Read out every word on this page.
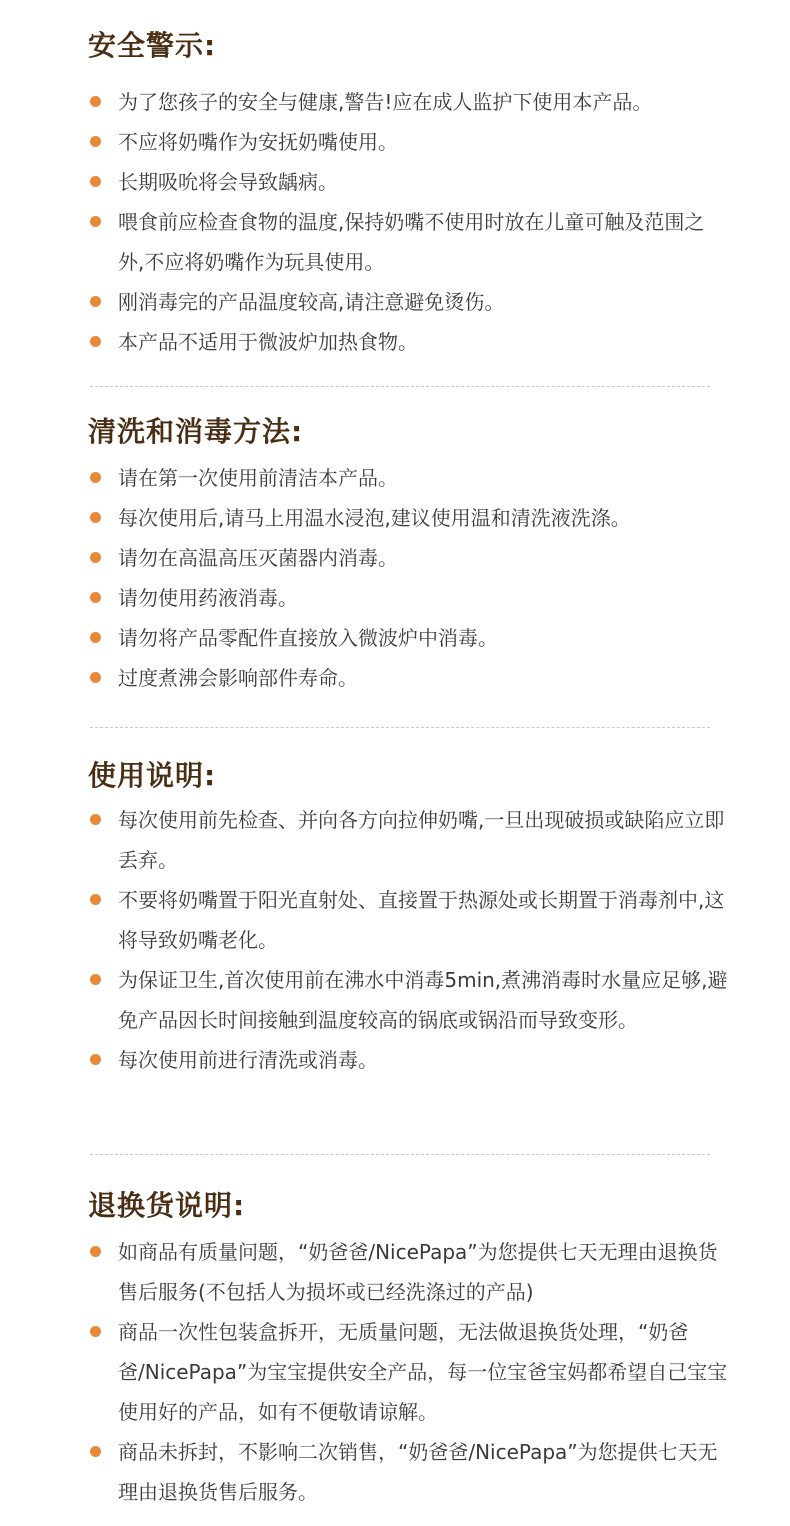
安全警示:
为了您孩子的安全与健康,警告!应在成人监护下使用本产品。
不应将奶嘴作为安抚奶嘴使用。
长期吸吮将会导致龋病。
喂食前应检查食物的温度,保持奶嘴不使用时放在儿童可触及范围之外,不应将奶嘴作为玩具使用。
刚消毒完的产品温度较高,请注意避免烫伤。
本产品不适用于微波炉加热食物。
清洗和消毒方法:
请在第一次使用前清洁本产品。
每次使用后,请马上用温水浸泡,建议使用温和清洗液洗涤。
请勿在高温高压灭菌器内消毒。
请勿使用药液消毒。
请勿将产品零配件直接放入微波炉中消毒。
过度煮沸会影响部件寿命。
使用说明:
每次使用前先检查、并向各方向拉伸奶嘴,一旦出现破损或缺陷应立即丢弃。
不要将奶嘴置于阳光直射处、直接置于热源处或长期置于消毒剂中,这将导致奶嘴老化。
为保证卫生,首次使用前在沸水中消毒5min,煮沸消毒时水量应足够,避免产品因长时间接触到温度较高的锅底或锅沿而导致变形。
每次使用前进行清洗或消毒。
退换货说明:
如商品有质量问题，“奶爸爸/NicePapa”为您提供七天无理由退换货售后服务(不包括人为损坏或已经洗涤过的产品)
商品一次性包装盒拆开，无质量问题，无法做退换货处理，“奶爸爸/NicePapa”为宝宝提供安全产品，每一位宝爸宝妈都希望自己宝宝使用好的产品，如有不便敬请谅解。
商品未拆封，不影响二次销售，“奶爸爸/NicePapa”为您提供七天无理由退换货售后服务。
